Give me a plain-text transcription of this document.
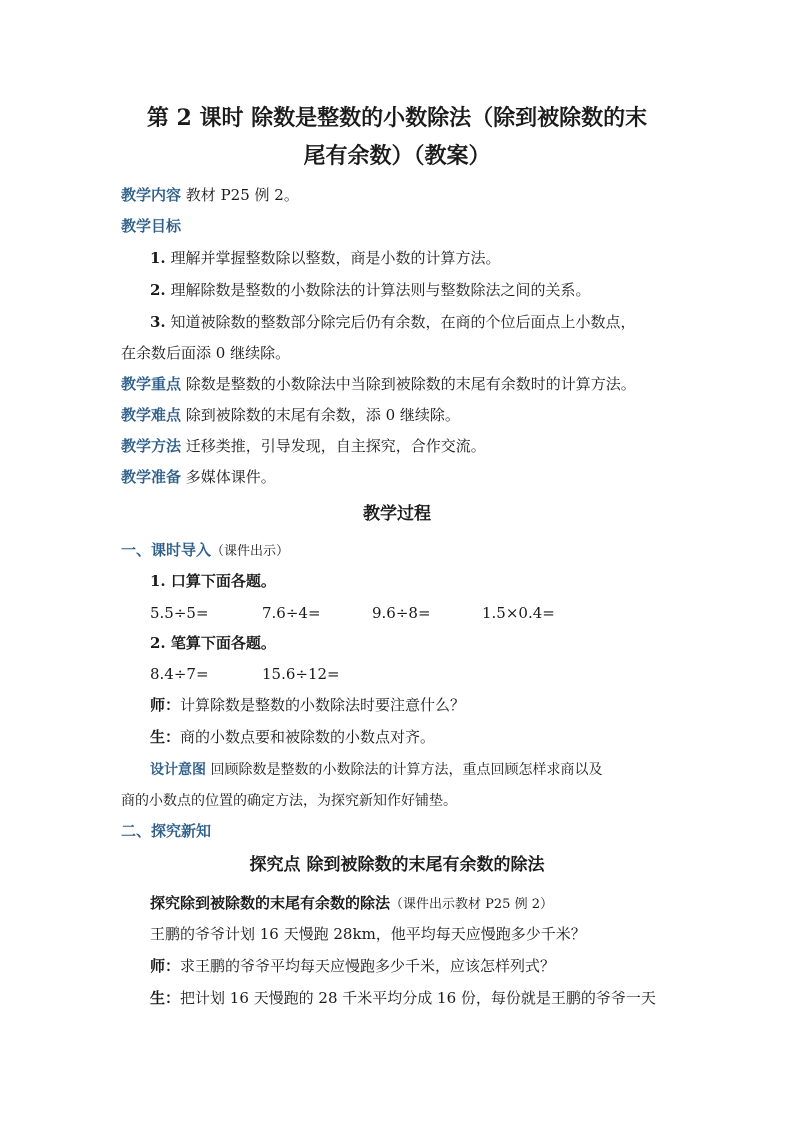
第 2 课时 除数是整数的小数除法（除到被除数的末
尾有余数）（教案）
教学内容 教材 P25 例 2。
教学目标
1. 理解并掌握整数除以整数，商是小数的计算方法。
2. 理解除数是整数的小数除法的计算法则与整数除法之间的关系。
3. 知道被除数的整数部分除完后仍有余数，在商的个位后面点上小数点，
在余数后面添 0 继续除。
教学重点 除数是整数的小数除法中当除到被除数的末尾有余数时的计算方法。
教学难点 除到被除数的末尾有余数，添 0 继续除。
教学方法 迁移类推，引导发现，自主探究，合作交流。
教学准备 多媒体课件。
教学过程
一、课时导入（课件出示）
1. 口算下面各题。
5.5÷5=	7.6÷4=	9.6÷8=	1.5×0.4=
2. 笔算下面各题。
8.4÷7=	15.6÷12=
师：计算除数是整数的小数除法时要注意什么？
生：商的小数点要和被除数的小数点对齐。
设计意图 回顾除数是整数的小数除法的计算方法，重点回顾怎样求商以及
商的小数点的位置的确定方法，为探究新知作好铺垫。
二、探究新知
探究点 除到被除数的末尾有余数的除法
探究除到被除数的末尾有余数的除法（课件出示教材 P25 例 2）
王鹏的爷爷计划 16 天慢跑 28km，他平均每天应慢跑多少千米？
师：求王鹏的爷爷平均每天应慢跑多少千米，应该怎样列式？
生：把计划 16 天慢跑的 28 千米平均分成 16 份，每份就是王鹏的爷爷一天
